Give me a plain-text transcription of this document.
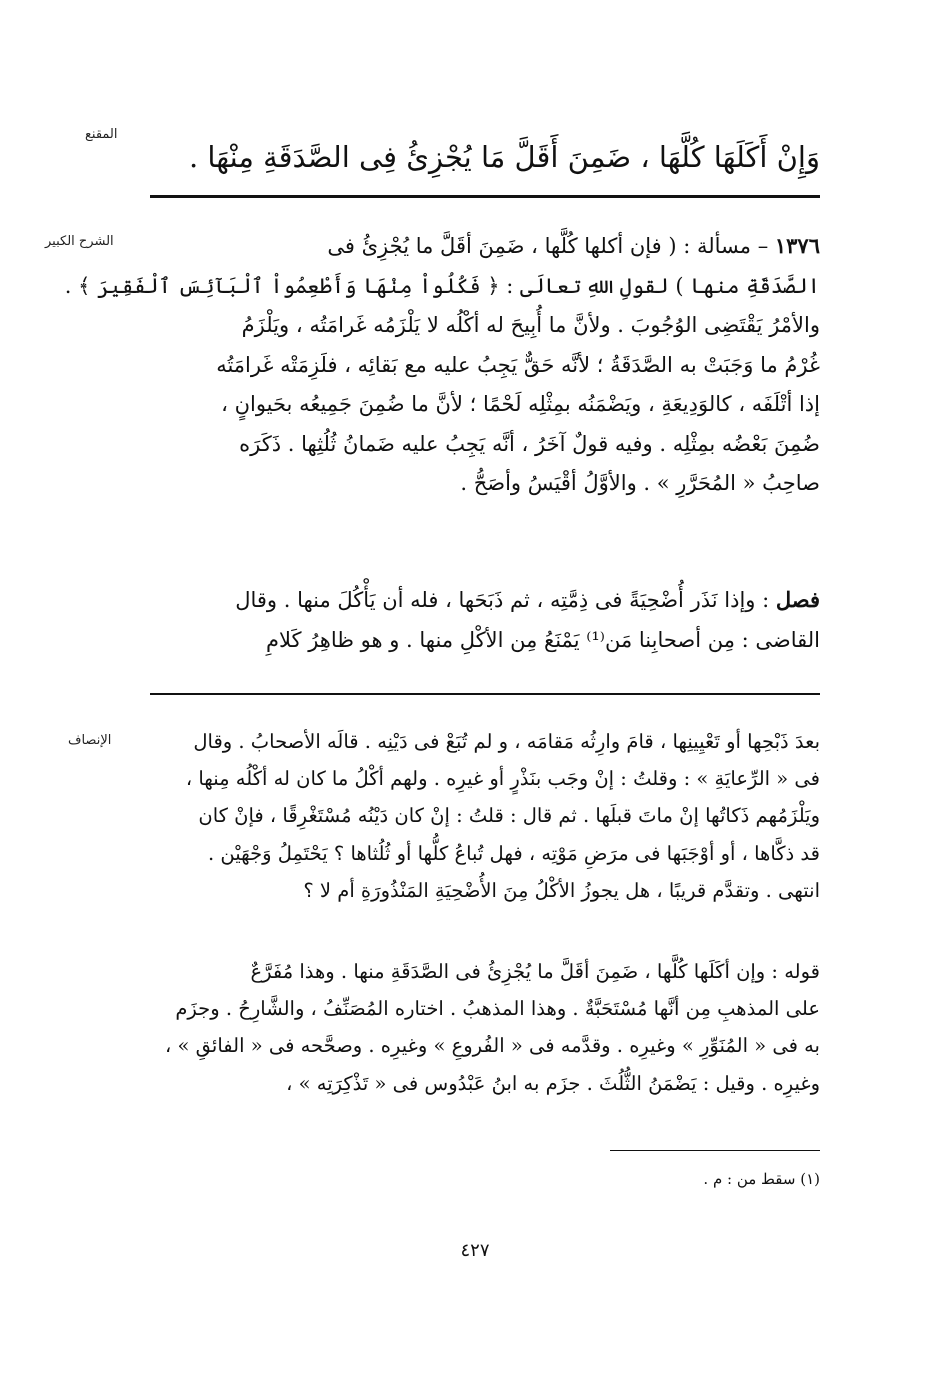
المقنع
الشرح الكبير
الإنصاف
وَإِنْ أَكَلَهَا كُلَّهَا ، ضَمِنَ أَقَلَّ مَا يُجْزِئُ فِى الصَّدَقَةِ مِنْهَا .
١٣٧٦ – مسألة : ( فإن أكلها كُلَّها ، ضَمِنَ أقَلَّ ما يُجْزِئُ فى
الصَّدَقَةِ منها ) لقولِ اللهِ تعالَى : ﴿ فَكُلُواْ مِنْهَا وَأَطْعِمُواْ ٱلْبَآئِسَ ٱلْفَقِيرَ ﴾ .
والأمْرُ يَقْتَضِى الوُجُوبَ . ولأنَّ ما أُبِيحَ له أكْلُه لا يَلْزَمُه غَرامَتُه ، ويَلْزَمُ
غُرْمُ ما وَجَبَتْ به الصَّدَقَةُ ؛ لأنَّه حَقٌّ يَجِبُ عليه مع بَقائِه ، فلَزِمَتْه غَرامَتُه
إذا أتْلَفَه ، كالوَدِيعَةِ ، ويَضْمَنُه بمِثْلِه لَحْمًا ؛ لأنَّ ما ضُمِنَ جَمِيعُه بحَيوانٍ ،
ضُمِنَ بَعْضُه بمِثْلِه . وفيه قولٌ آخَرُ ، أنَّه يَجِبُ عليه ضَمانُ ثُلُثِها . ذَكَرَه
صاحِبُ « المُحَرَّرِ » . والأوَّلُ أقْيَسُ وأصَحُّ .
فصل : وإذا نَذَر أُضْحِيَةً فى ذِمَّتِه ، ثم ذَبَحَها ، فله أن يَأْكُلَ منها . وقال
القاضى : مِن أصحابِنا مَن⁽¹⁾ يَمْنَعُ مِن الأكْلِ منها . و هو ظاهِرُ كَلامِ
بعدَ ذَبْحِها أو تَعْيِينِها ، قامَ وارِثُه مَقامَه ، و لم تُبَعْ فى دَيْنِه . قالَه الأصحابُ . وقال
فى « الرِّعايَةِ » : وقلتُ : إنْ وجَب بنَذْرٍ أو غيرِه . ولهم أكْلُ ما كان له أكْلُه مِنها ،
ويَلْزَمُهم ذَكاتُها إنْ ماتَ قبلَها . ثم قال : قلتُ : إنْ كان دَيْنُه مُسْتَغْرِقًا ، فإنْ كان
قد ذكَّاها ، أو أوْجَبَها فى مرَضِ مَوْتِه ، فهل تُباعُ كلُّها أو ثُلُثاها ؟ يَحْتَمِلُ وَجْهَيْن .
انتهى . وتقدَّم قريبًا ، هل يجوزُ الأكْلُ مِنَ الأُضْحِيَةِ المَنْذُورَةِ أم لا ؟
قوله : وإن أكَلَها كُلَّها ، ضَمِنَ أقَلَّ ما يُجْزِئُ فى الصَّدَقَةِ منها . وهذا مُفَرَّعٌ
على المذهبِ مِن أنَّها مُسْتَحَبَّةٌ . وهذا المذهبُ . اختاره المُصَنِّفُ ، والشَّارِحُ . وجزَم
به فى « المُنَوِّرِ » وغيرِه . وقدَّمه فى « الفُروعِ » وغيرِه . وصحَّحه فى « الفائقِ » ،
وغيرِه . وقيل : يَضْمَنُ الثُّلُثَ . جزَم به ابنُ عَبْدُوس فى « تَذْكِرَتِه » ،
(١) سقط من : م .
٤٢٧
